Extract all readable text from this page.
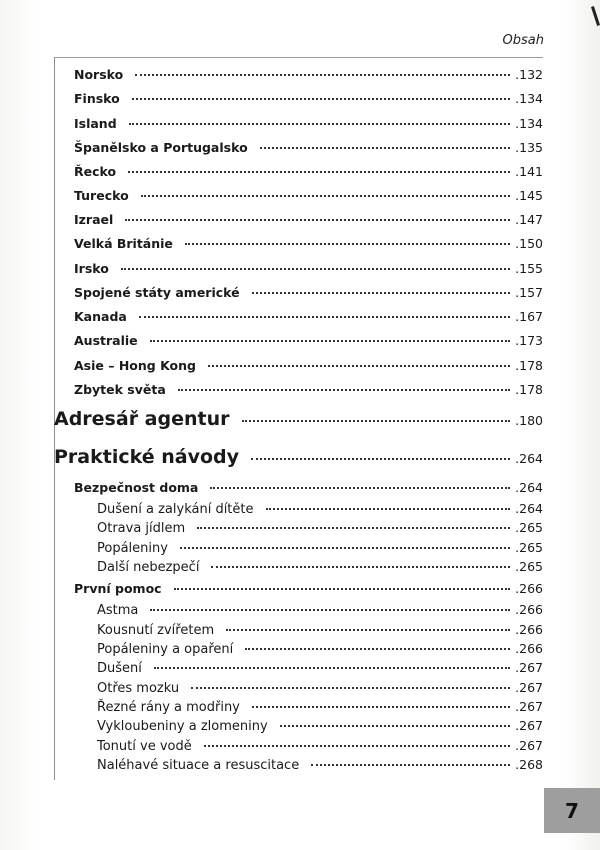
Obsah
Norsko	.132
Finsko	.134
Island	.134
Španělsko a Portugalsko	.135
Řecko	.141
Turecko	.145
Izrael	.147
Velká Británie	.150
Irsko	.155
Spojené státy americké	.157
Kanada	.167
Australie	.173
Asie – Hong Kong	.178
Zbytek světa	.178
Adresář agentur	.180
Praktické návody	.264
Bezpečnost doma	.264
Dušení a zalykání dítěte	.264
Otrava jídlem	.265
Popáleniny	.265
Další nebezpečí	.265
První pomoc	.266
Astma	.266
Kousnutí zvířetem	.266
Popáleniny a opaření	.266
Dušení	.267
Otřes mozku	.267
Řezné rány a modřiny	.267
Vykloubeniny a zlomeniny	.267
Tonutí ve vodě	.267
Naléhavé situace a resuscitace	.268
7
